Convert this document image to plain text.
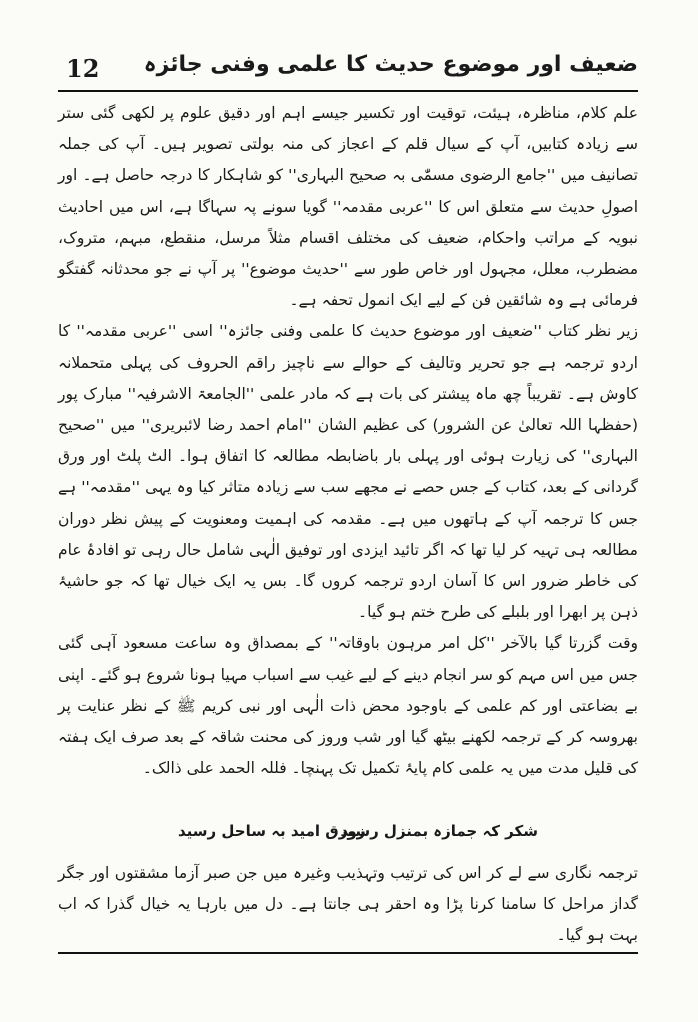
12 ضعیف اور موضوع حدیث کا علمی وفنی جائزہ

علم کلام، مناظرہ، ہیئت، توقیت اور تکسیر جیسے اہم اور دقیق علوم پر لکھی گئی ستر سے زیادہ کتابیں، آپ کے سیال قلم کے اعجاز کی منہ بولتی تصویر ہیں۔ آپ کی جملہ تصانیف میں ''جامع الرضوی مسمّٰی بہ صحیح البہاری'' کو شاہکار کا درجہ حاصل ہے۔ اور اصولِ حدیث سے متعلق اس کا ''عربی مقدمہ'' گویا سونے پہ سہاگا ہے، اس میں احادیث نبویہ کے مراتب واحکام، ضعیف کی مختلف اقسام مثلاً مرسل، منقطع، مبہم، متروک، مضطرب، معلل، مجہول اور خاص طور سے ''حدیث موضوع'' پر آپ نے جو محدثانہ گفتگو فرمائی ہے وہ شائقین فن کے لیے ایک انمول تحفہ ہے۔

زیر نظر کتاب ''ضعیف اور موضوع حدیث کا علمی وفنی جائزہ'' اسی ''عربی مقدمہ'' کا اردو ترجمہ ہے جو تحریر وتالیف کے حوالے سے ناچیز راقم الحروف کی پہلی متحملانہ کاوش ہے۔ تقریباً چھ ماہ پیشتر کی بات ہے کہ مادر علمی ''الجامعۃ الاشرفیہ'' مبارک پور (حفظہا اللہ تعالیٰ عن الشرور) کی عظیم الشان ''امام احمد رضا لائبریری'' میں ''صحیح البہاری'' کی زیارت ہوئی اور پہلی بار باضابطہ مطالعہ کا اتفاق ہوا۔ الٹ پلٹ اور ورق گردانی کے بعد، کتاب کے جس حصے نے مجھے سب سے زیادہ متاثر کیا وہ یہی ''مقدمہ'' ہے جس کا ترجمہ آپ کے ہاتھوں میں ہے۔ مقدمہ کی اہمیت ومعنویت کے پیش نظر دوران مطالعہ ہی تہیہ کر لیا تھا کہ اگر تائید ایزدی اور توفیق الٰہی شامل حال رہی تو افادۂ عام کی خاطر ضرور اس کا آسان اردو ترجمہ کروں گا۔ بس یہ ایک خیال تھا کہ جو حاشیۂ ذہن پر ابھرا اور بلبلے کی طرح ختم ہو گیا۔

وقت گزرتا گیا بالآخر ''کل امر مرہون باوقاتہ'' کے بمصداق وہ ساعت مسعود آہی گئی جس میں اس مہم کو سر انجام دینے کے لیے غیب سے اسباب مہیا ہونا شروع ہو گئے۔ اپنی بے بضاعتی اور کم علمی کے باوجود محض ذات الٰہی اور نبی کریم ﷺ کے نظر عنایت پر بھروسہ کر کے ترجمہ لکھنے بیٹھ گیا اور شب وروز کی محنت شاقہ کے بعد صرف ایک ہفتہ کی قلیل مدت میں یہ علمی کام پایۂ تکمیل تک پہنچا۔ فللہ الحمد علی ذالک۔

شکر کہ جمازہ بمنزل رسید
زورق امید بہ ساحل رسید

ترجمہ نگاری سے لے کر اس کی ترتیب وتہذیب وغیرہ میں جن صبر آزما مشقتوں اور جگر گداز مراحل کا سامنا کرنا پڑا وہ احقر ہی جانتا ہے۔ دل میں بارہا یہ خیال گذرا کہ اب بہت ہو گیا۔
